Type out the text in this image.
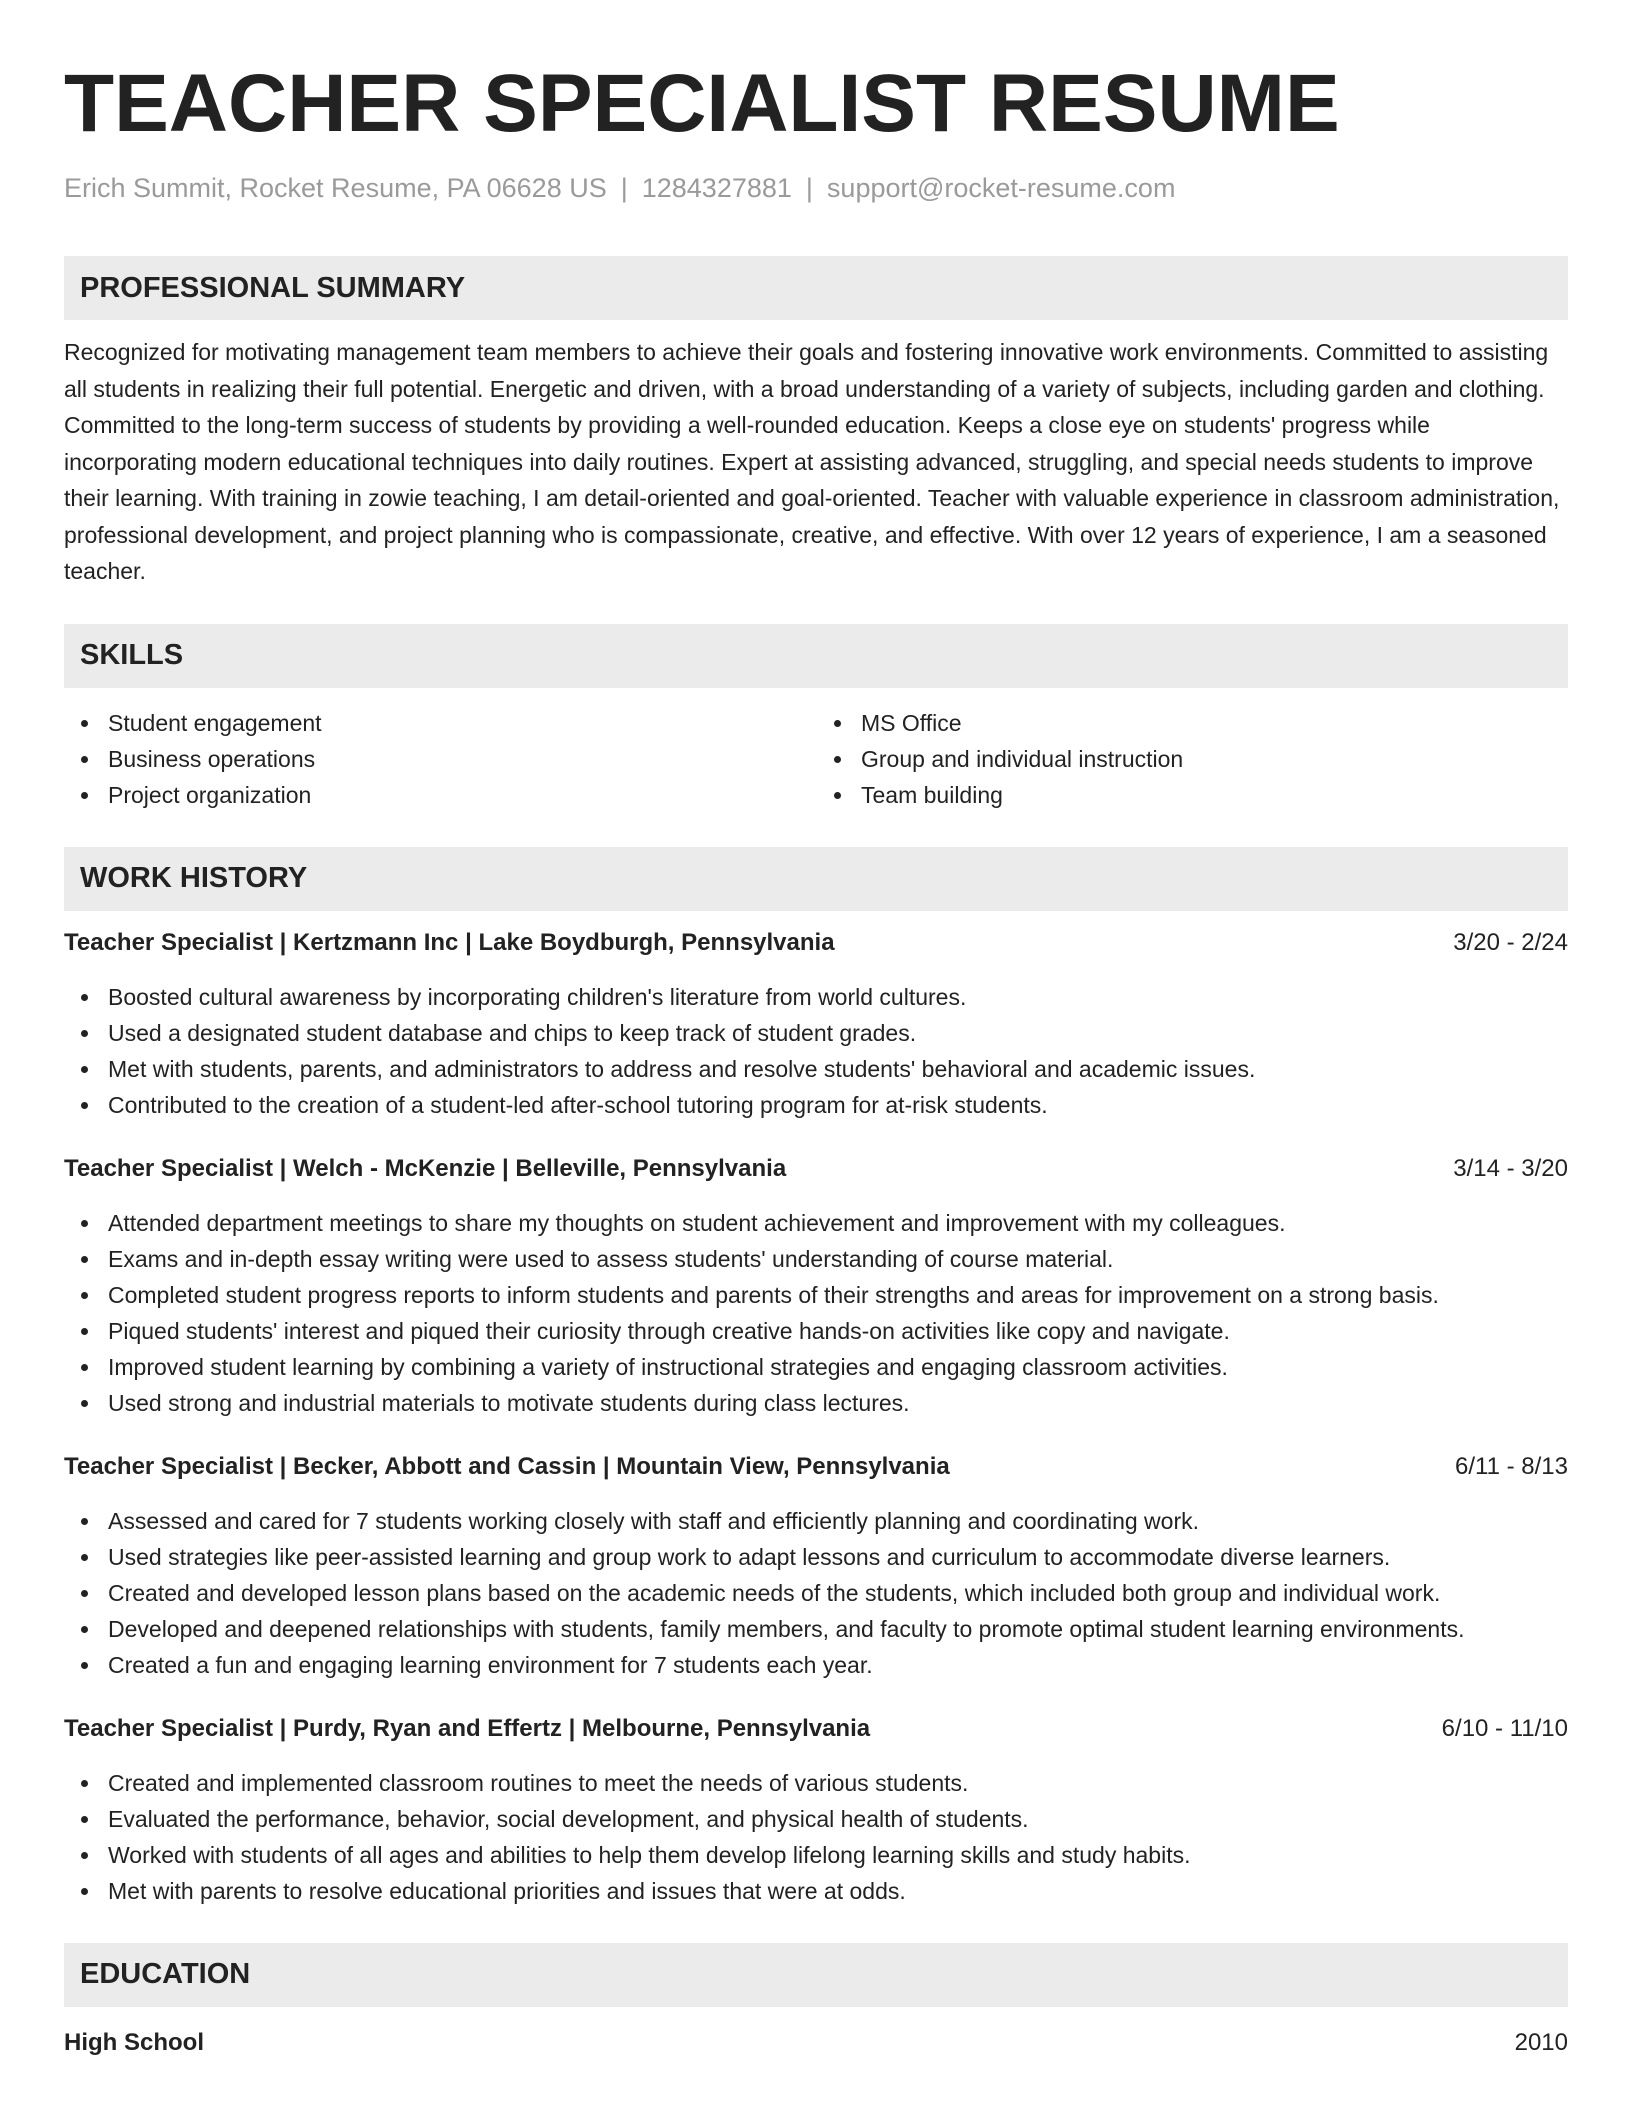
TEACHER SPECIALIST RESUME
Erich Summit, Rocket Resume, PA 06628 US | 1284327881 | support@rocket-resume.com
PROFESSIONAL SUMMARY
Recognized for motivating management team members to achieve their goals and fostering innovative work environments. Committed to assisting all students in realizing their full potential. Energetic and driven, with a broad understanding of a variety of subjects, including garden and clothing. Committed to the long-term success of students by providing a well-rounded education. Keeps a close eye on students' progress while incorporating modern educational techniques into daily routines. Expert at assisting advanced, struggling, and special needs students to improve their learning. With training in zowie teaching, I am detail-oriented and goal-oriented. Teacher with valuable experience in classroom administration, professional development, and project planning who is compassionate, creative, and effective. With over 12 years of experience, I am a seasoned teacher.
SKILLS
Student engagement
Business operations
Project organization
MS Office
Group and individual instruction
Team building
WORK HISTORY
Teacher Specialist | Kertzmann Inc | Lake Boydburgh, Pennsylvania	3/20 - 2/24
Boosted cultural awareness by incorporating children's literature from world cultures.
Used a designated student database and chips to keep track of student grades.
Met with students, parents, and administrators to address and resolve students' behavioral and academic issues.
Contributed to the creation of a student-led after-school tutoring program for at-risk students.
Teacher Specialist | Welch - McKenzie | Belleville, Pennsylvania	3/14 - 3/20
Attended department meetings to share my thoughts on student achievement and improvement with my colleagues.
Exams and in-depth essay writing were used to assess students' understanding of course material.
Completed student progress reports to inform students and parents of their strengths and areas for improvement on a strong basis.
Piqued students' interest and piqued their curiosity through creative hands-on activities like copy and navigate.
Improved student learning by combining a variety of instructional strategies and engaging classroom activities.
Used strong and industrial materials to motivate students during class lectures.
Teacher Specialist | Becker, Abbott and Cassin | Mountain View, Pennsylvania	6/11 - 8/13
Assessed and cared for 7 students working closely with staff and efficiently planning and coordinating work.
Used strategies like peer-assisted learning and group work to adapt lessons and curriculum to accommodate diverse learners.
Created and developed lesson plans based on the academic needs of the students, which included both group and individual work.
Developed and deepened relationships with students, family members, and faculty to promote optimal student learning environments.
Created a fun and engaging learning environment for 7 students each year.
Teacher Specialist | Purdy, Ryan and Effertz | Melbourne, Pennsylvania	6/10 - 11/10
Created and implemented classroom routines to meet the needs of various students.
Evaluated the performance, behavior, social development, and physical health of students.
Worked with students of all ages and abilities to help them develop lifelong learning skills and study habits.
Met with parents to resolve educational priorities and issues that were at odds.
EDUCATION
High School	2010
